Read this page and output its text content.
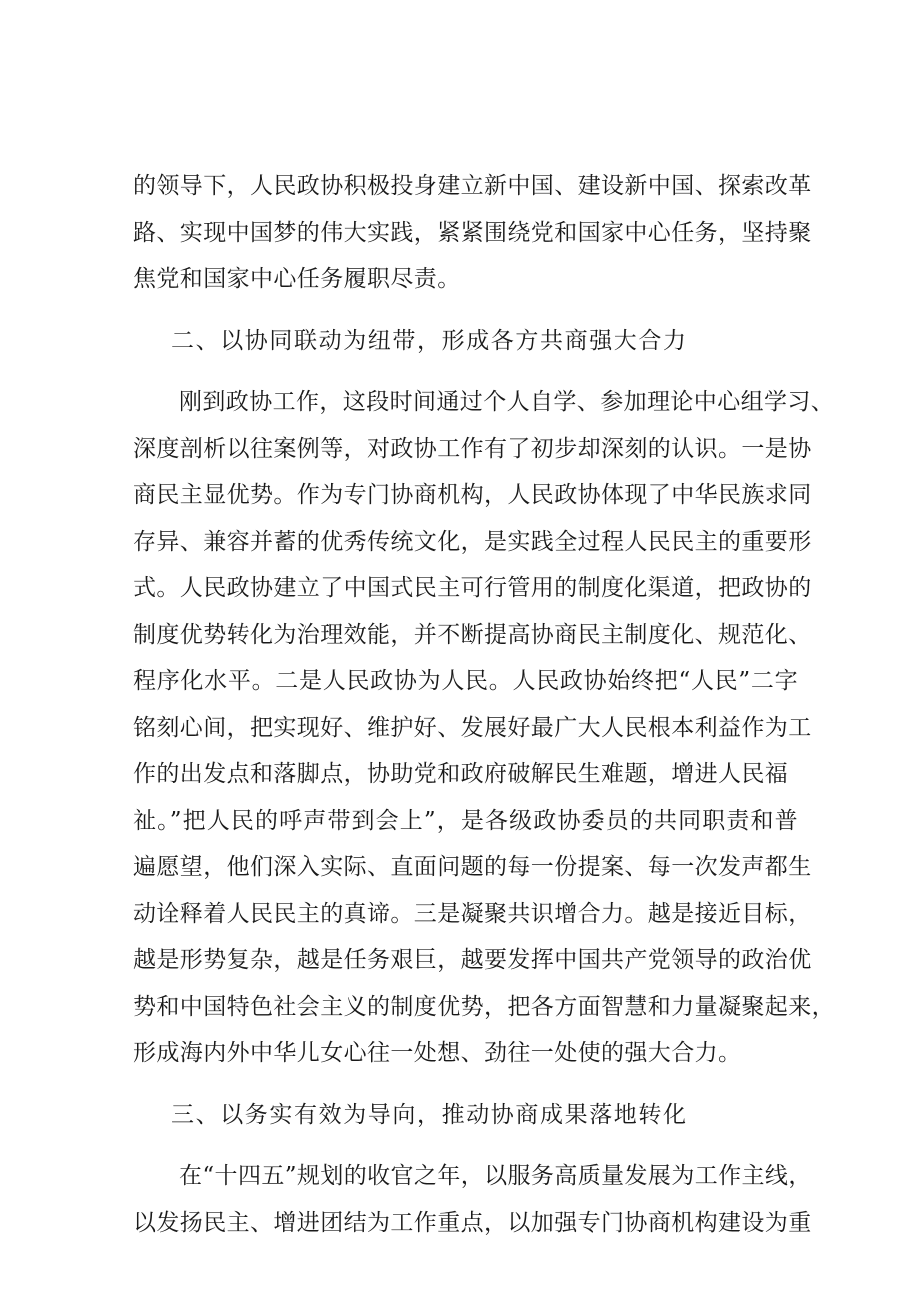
的领导下，人民政协积极投身建立新中国、建设新中国、探索改革
路、实现中国梦的伟大实践，紧紧围绕党和国家中心任务，坚持聚
焦党和国家中心任务履职尽责。
二、以协同联动为纽带，形成各方共商强大合力
刚到政协工作，这段时间通过个人自学、参加理论中心组学习、
深度剖析以往案例等，对政协工作有了初步却深刻的认识。一是协
商民主显优势。作为专门协商机构，人民政协体现了中华民族求同
存异、兼容并蓄的优秀传统文化，是实践全过程人民民主的重要形
式。人民政协建立了中国式民主可行管用的制度化渠道，把政协的
制度优势转化为治理效能，并不断提高协商民主制度化、规范化、
程序化水平。二是人民政协为人民。人民政协始终把“人民”二字
铭刻心间，把实现好、维护好、发展好最广大人民根本利益作为工
作的出发点和落脚点，协助党和政府破解民生难题，增进人民福
祉。”把人民的呼声带到会上”，是各级政协委员的共同职责和普
遍愿望，他们深入实际、直面问题的每一份提案、每一次发声都生
动诠释着人民民主的真谛。三是凝聚共识增合力。越是接近目标，
越是形势复杂，越是任务艰巨，越要发挥中国共产党领导的政治优
势和中国特色社会主义的制度优势，把各方面智慧和力量凝聚起来，
形成海内外中华儿女心往一处想、劲往一处使的强大合力。
三、以务实有效为导向，推动协商成果落地转化
在“十四五”规划的收官之年，以服务高质量发展为工作主线，
以发扬民主、增进团结为工作重点，以加强专门协商机构建设为重
